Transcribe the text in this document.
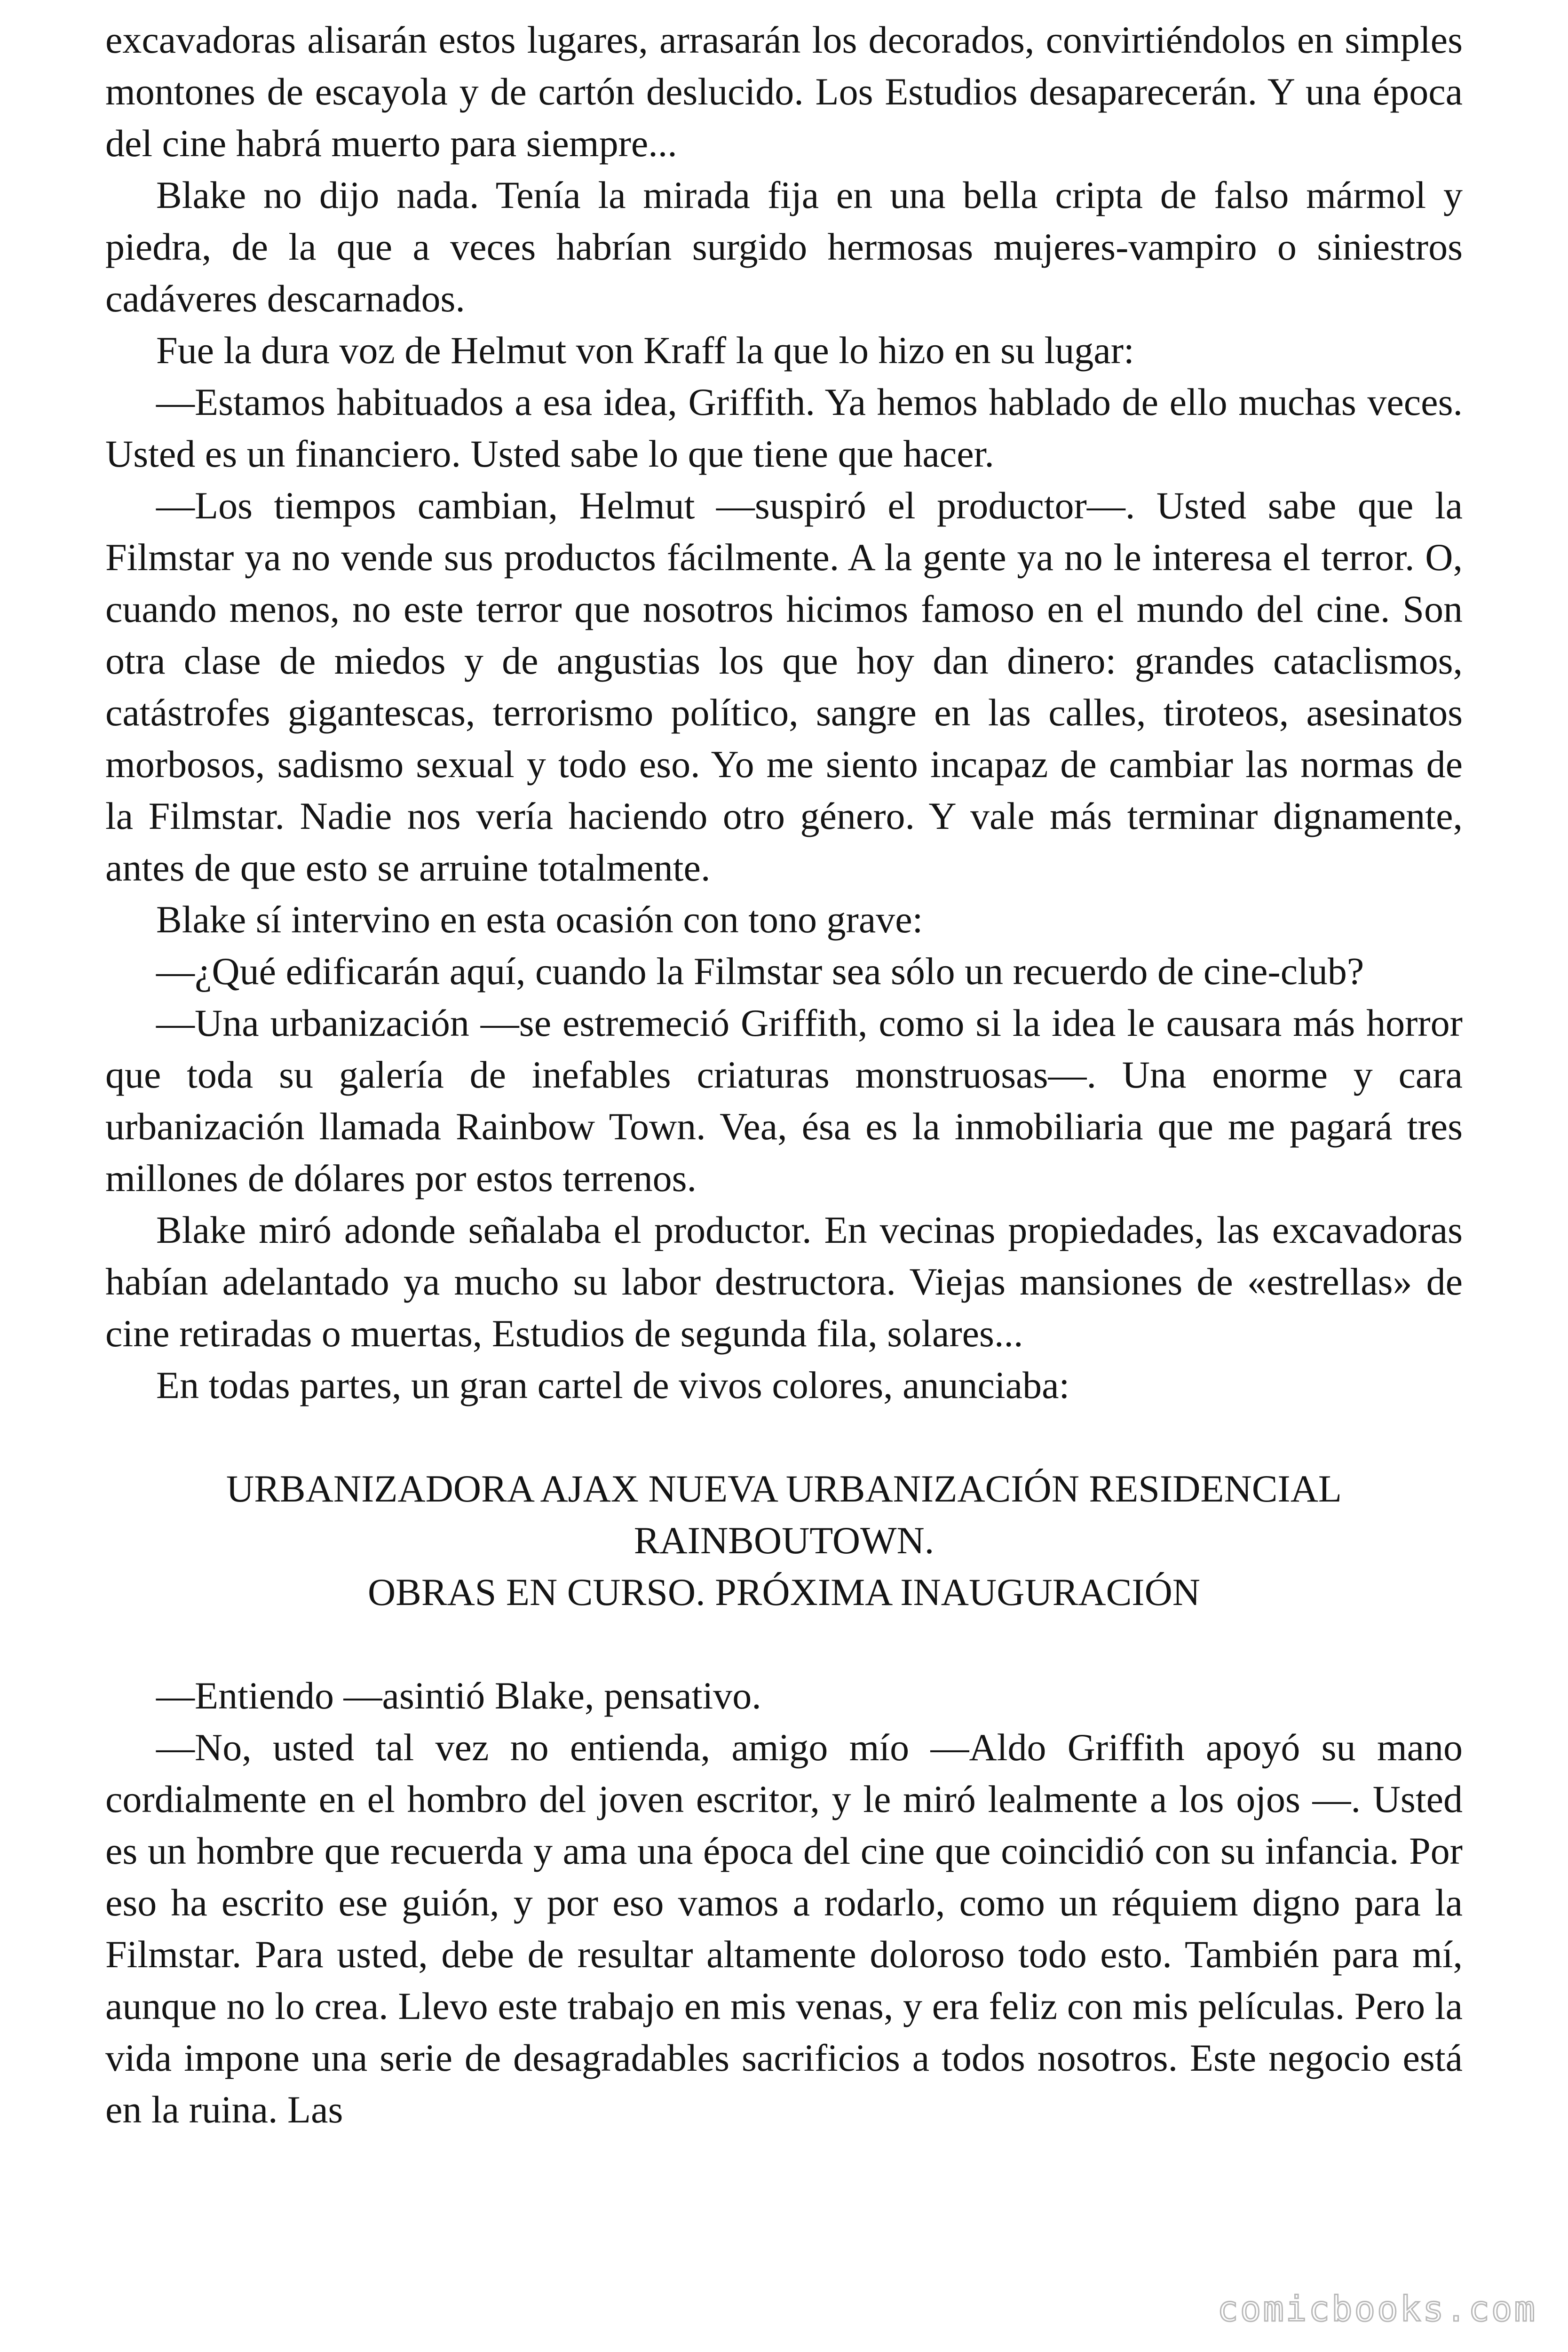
excavadoras alisarán estos lugares, arrasarán los decorados, convirtiéndolos en simples montones de escayola y de cartón deslucido. Los Estudios desaparecerán. Y una época del cine habrá muerto para siempre...

Blake no dijo nada. Tenía la mirada fija en una bella cripta de falso mármol y piedra, de la que a veces habrían surgido hermosas mujeres-vampiro o siniestros cadáveres descarnados.

Fue la dura voz de Helmut von Kraff la que lo hizo en su lugar:

—Estamos habituados a esa idea, Griffith. Ya hemos hablado de ello muchas veces. Usted es un financiero. Usted sabe lo que tiene que hacer.

—Los tiempos cambian, Helmut —suspiró el productor—. Usted sabe que la Filmstar ya no vende sus productos fácilmente. A la gente ya no le interesa el terror. O, cuando menos, no este terror que nosotros hicimos famoso en el mundo del cine. Son otra clase de miedos y de angustias los que hoy dan dinero: grandes cataclismos, catástrofes gigantescas, terrorismo político, sangre en las calles, tiroteos, asesinatos morbosos, sadismo sexual y todo eso. Yo me siento incapaz de cambiar las normas de la Filmstar. Nadie nos vería haciendo otro género. Y vale más terminar dignamente, antes de que esto se arruine totalmente.

Blake sí intervino en esta ocasión con tono grave:

—¿Qué edificarán aquí, cuando la Filmstar sea sólo un recuerdo de cine-club?

—Una urbanización —se estremeció Griffith, como si la idea le causara más horror que toda su galería de inefables criaturas monstruosas—. Una enorme y cara urbanización llamada Rainbow Town. Vea, ésa es la inmobiliaria que me pagará tres millones de dólares por estos terrenos.

Blake miró adonde señalaba el productor. En vecinas propiedades, las excavadoras habían adelantado ya mucho su labor destructora. Viejas mansiones de «estrellas» de cine retiradas o muertas, Estudios de segunda fila, solares...

En todas partes, un gran cartel de vivos colores, anunciaba:

URBANIZADORA AJAX NUEVA URBANIZACIÓN RESIDENCIAL
RAINBOUTOWN.
OBRAS EN CURSO. PRÓXIMA INAUGURACIÓN

—Entiendo —asintió Blake, pensativo.

—No, usted tal vez no entienda, amigo mío —Aldo Griffith apoyó su mano cordialmente en el hombro del joven escritor, y le miró lealmente a los ojos —. Usted es un hombre que recuerda y ama una época del cine que coincidió con su infancia. Por eso ha escrito ese guión, y por eso vamos a rodarlo, como un réquiem digno para la Filmstar. Para usted, debe de resultar altamente doloroso todo esto. También para mí, aunque no lo crea. Llevo este trabajo en mis venas, y era feliz con mis películas. Pero la vida impone una serie de desagradables sacrificios a todos nosotros. Este negocio está en la ruina. Las

comicbooks.com
